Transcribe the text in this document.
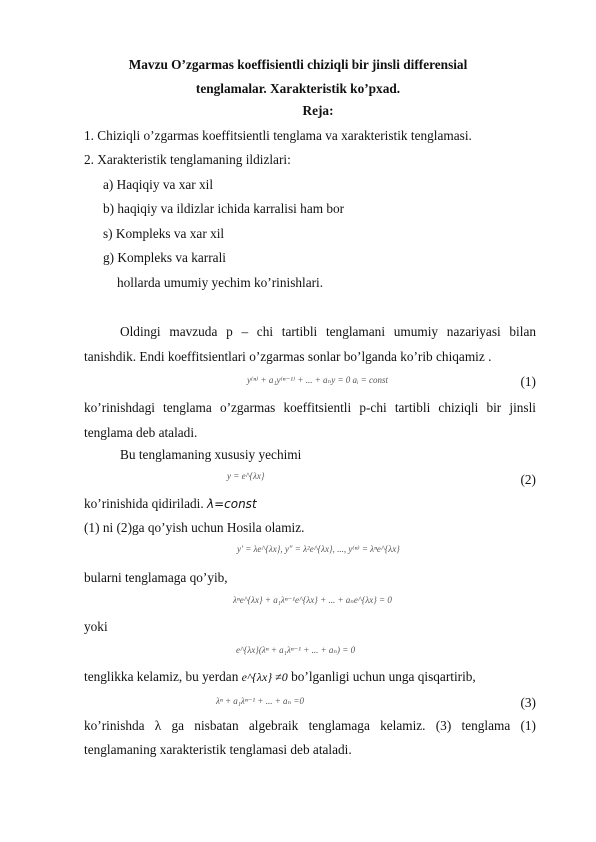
Mavzu O’zgarmas koeffisientli chiziqli bir jinsli differensial
tenglamalar. Xarakteristik ko’pxad.
Reja:
1. Chiziqli o’zgarmas koeffitsientli tenglama va xarakteristik tenglamasi.
2. Xarakteristik tenglamaning ildizlari:
a) Haqiqiy va xar xil
b) haqiqiy va ildizlar ichida karralisi ham bor
s) Kompleks va xar xil
g) Kompleks va karrali
hollarda umumiy yechim ko’rinishlari.
Oldingi mavzuda p – chi tartibli tenglamani umumiy nazariyasi bilan
tanishdik. Endi koeffitsientlari o’zgarmas sonlar bo’lganda ko’rib chiqamiz .
y⁽ⁿ⁾ + a₁y⁽ⁿ⁻¹⁾ + ... + aₙy = 0 aᵢ = const	(1)
ko’rinishdagi tenglama o’zgarmas koeffitsientli p-chi tartibli chiziqli bir jinsli
tenglama deb ataladi.
Bu tenglamaning xususiy yechimi
y = e^{λx}	(2)
ko’rinishida qidiriladi. λ=const
(1) ni (2)ga qo’yish uchun Hosila olamiz.
y′ = λe^{λx}, y″ = λ²e^{λx}, ..., y⁽ⁿ⁾ = λⁿe^{λx}
bularni tenglamaga qo’yib,
λⁿe^{λx} + a₁λⁿ⁻¹e^{λx} + ... + aₙe^{λx} = 0
yoki
e^{λx}(λⁿ + a₁λⁿ⁻¹ + ... + aₙ) = 0
tenglikka kelamiz, bu yerdan e^{λx} ≠0 bo’lganligi uchun unga qisqartirib,
λⁿ + a₁λⁿ⁻¹ + ... + aₙ =0	(3)
ko’rinishda λ ga nisbatan algebraik tenglamaga kelamiz. (3) tenglama (1)
tenglamaning xarakteristik tenglamasi deb ataladi.
